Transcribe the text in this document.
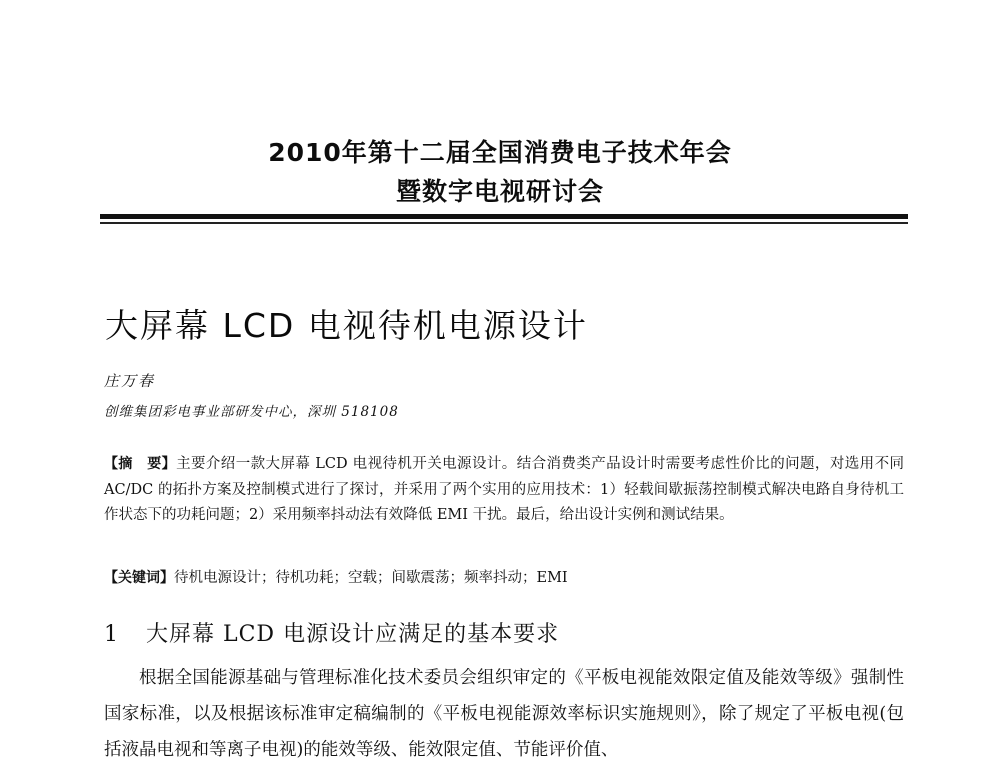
2010年第十二届全国消费电子技术年会
暨数字电视研讨会
大屏幕 LCD 电视待机电源设计
庄万春
创维集团彩电事业部研发中心，深圳 518108
【摘　要】主要介绍一款大屏幕 LCD 电视待机开关电源设计。结合消费类产品设计时需要考虑性价比的问题，对选用不同 AC/DC 的拓扑方案及控制模式进行了探讨，并采用了两个实用的应用技术：1）轻载间歇振荡控制模式解决电路自身待机工作状态下的功耗问题；2）采用频率抖动法有效降低 EMI 干扰。最后，给出设计实例和测试结果。
【关键词】待机电源设计；待机功耗；空载；间歇震荡；频率抖动；EMI
1 大屏幕 LCD 电源设计应满足的基本要求
根据全国能源基础与管理标准化技术委员会组织审定的《平板电视能效限定值及能效等级》强制性国家标准，以及根据该标准审定稿编制的《平板电视能源效率标识实施规则》，除了规定了平板电视(包括液晶电视和等离子电视)的能效等级、能效限定值、节能评价值、
